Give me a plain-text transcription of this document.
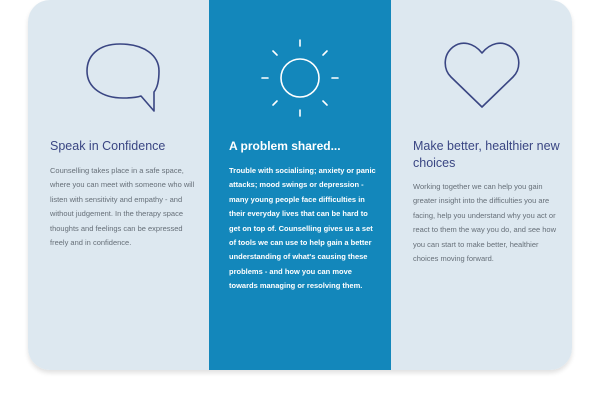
Speak in Confidence
Counselling takes place in a safe space, where you can meet with someone who will listen with sensitivity and empathy - and without judgement. In the therapy space thoughts and feelings can be expressed freely and in confidence.
A problem shared...
Trouble with socialising; anxiety or panic attacks; mood swings or depression - many young people face difficulties in their everyday lives that can be hard to get on top of. Counselling gives us a set of tools we can use to help gain a better understanding of what's causing these problems - and how you can move towards managing or resolving them.
Make better, healthier new choices
Working together we can help you gain greater insight into the difficulties you are facing, help you understand why you act or react to them the way you do, and see how you can start to make better, healthier choices moving forward.
